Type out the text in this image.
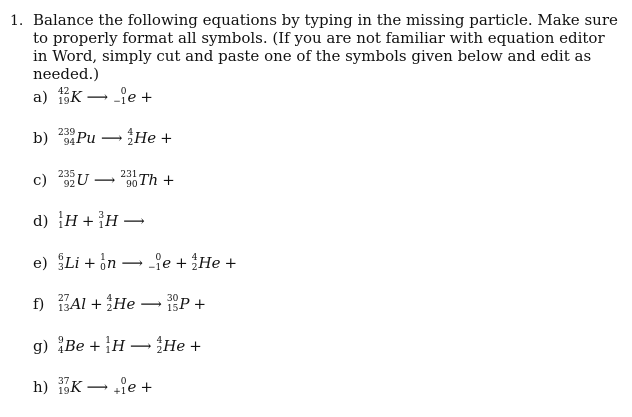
1. Balance the following equations by typing in the missing particle. Make sure to properly format all symbols. (If you are not familiar with equation editor in Word, simply cut and paste one of the symbols given below and edit as needed.)
a)	42
19 K ⟶ 0
−1 e +
b)	239
94 Pu ⟶ 4
2 He +
c)	235
92 U ⟶ 231
90 Th +
d)	1
1 H + 3
1 H ⟶
e)	6
3 Li + 1
0 n ⟶ 0
−1 e + 4
2 He +
f)	27
13 Al + 4
2 He ⟶ 30
15 P +
g)	9
4 Be + 1
1 H ⟶ 4
2 He +
h)	37
19 K ⟶ 0
+1 e +
